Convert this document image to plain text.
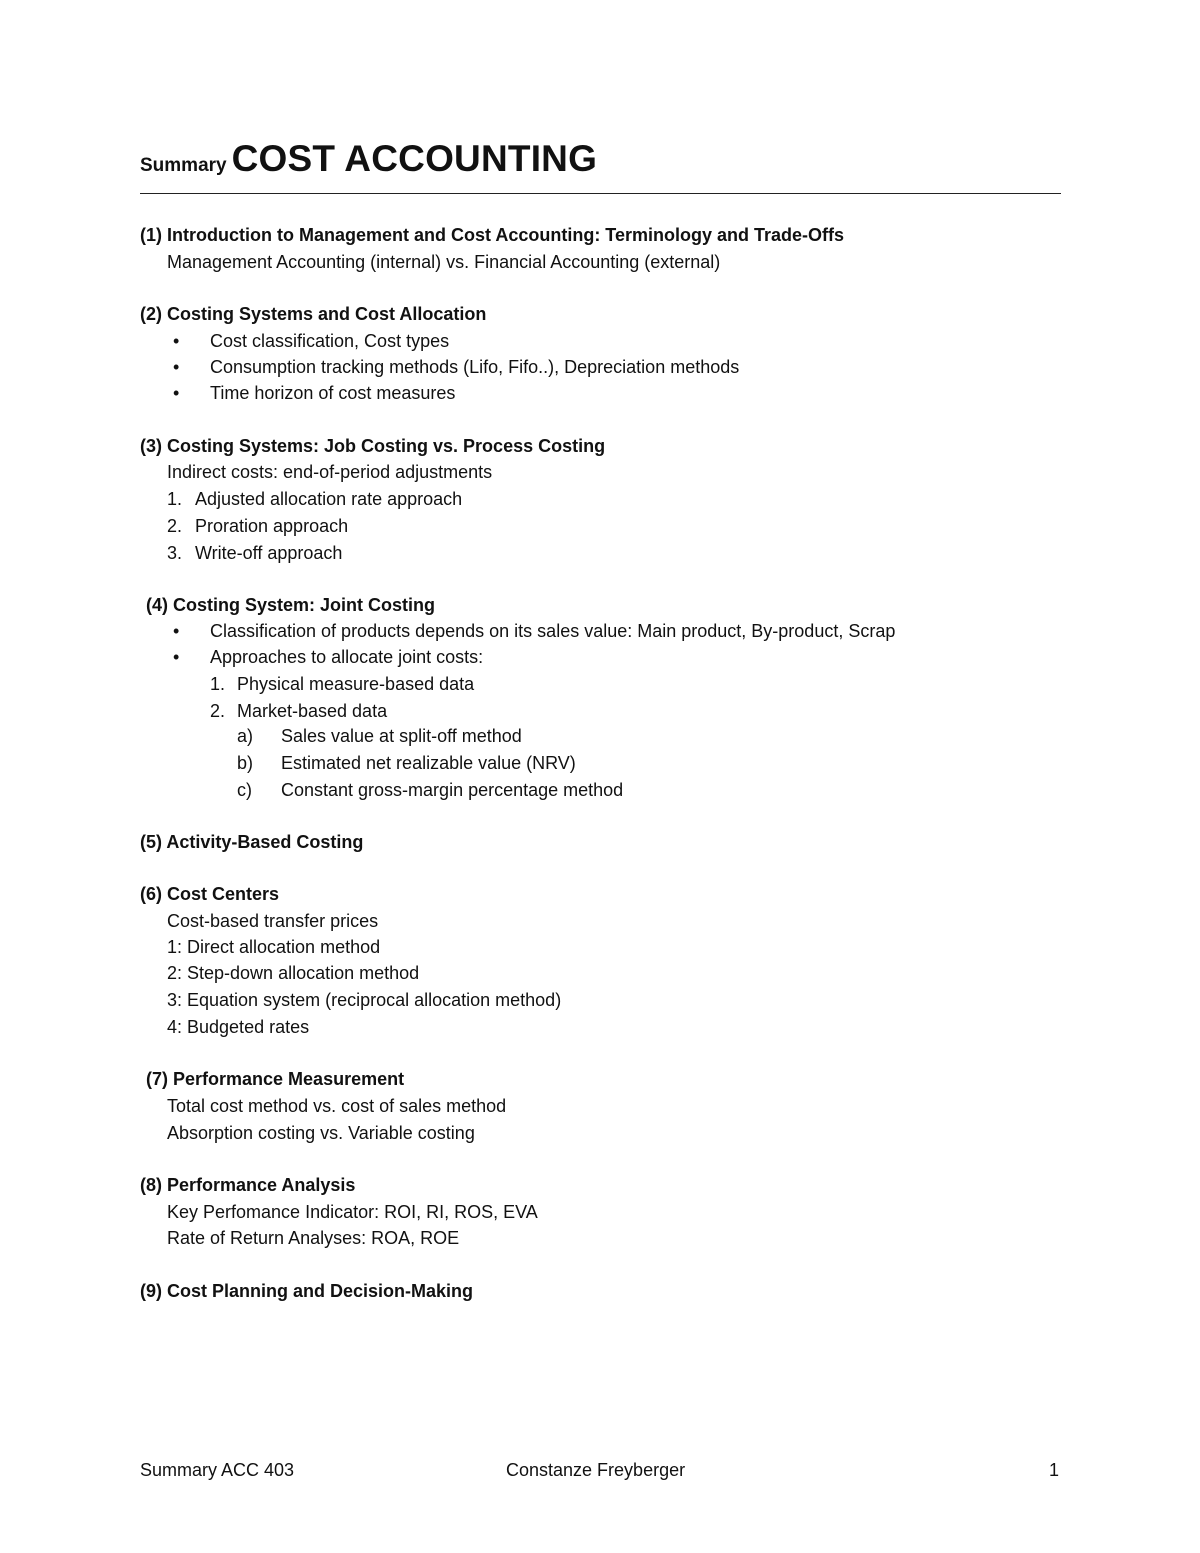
Summary COST ACCOUNTING
(1) Introduction to Management and Cost Accounting: Terminology and Trade-Offs
Management Accounting (internal) vs. Financial Accounting (external)
(2) Costing Systems and Cost Allocation
• Cost classification, Cost types
• Consumption tracking methods (Lifo, Fifo..), Depreciation methods
• Time horizon of cost measures
(3) Costing Systems: Job Costing vs. Process Costing
Indirect costs: end-of-period adjustments
1. Adjusted allocation rate approach
2. Proration approach
3. Write-off approach
(4) Costing System: Joint Costing
• Classification of products depends on its sales value: Main product, By-product, Scrap
• Approaches to allocate joint costs:
1. Physical measure-based data
2. Market-based data
a) Sales value at split-off method
b) Estimated net realizable value (NRV)
c) Constant gross-margin percentage method
(5) Activity-Based Costing
(6) Cost Centers
Cost-based transfer prices
1: Direct allocation method
2: Step-down allocation method
3: Equation system (reciprocal allocation method)
4: Budgeted rates
(7) Performance Measurement
Total cost method vs. cost of sales method
Absorption costing vs. Variable costing
(8) Performance Analysis
Key Perfomance Indicator: ROI, RI, ROS, EVA
Rate of Return Analyses: ROA, ROE
(9) Cost Planning and Decision-Making
Summary ACC 403	Constanze Freyberger	1
